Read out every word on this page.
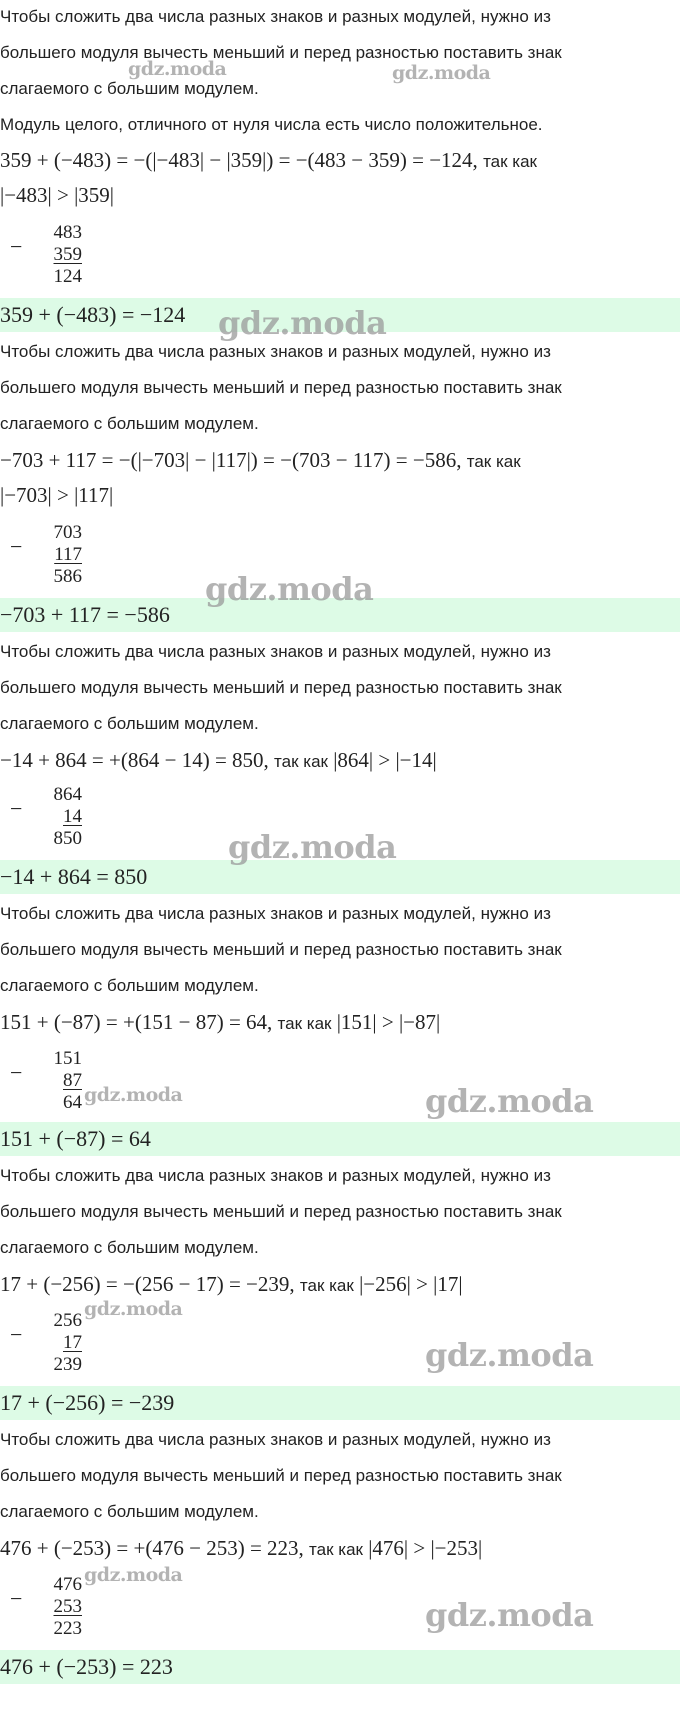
Чтобы сложить два числа разных знаков и разных модулей, нужно из
большего модуля вычесть меньший и перед разностью поставить знак
слагаемого с большим модулем.
Модуль целого, отличного от нуля числа есть число положительное.
359 + (−483) = −(|−483| − |359|) = −(483 − 359) = −124, так как
|−483| > |359|
−
483
359
124
359 + (−483) = −124
Чтобы сложить два числа разных знаков и разных модулей, нужно из
большего модуля вычесть меньший и перед разностью поставить знак
слагаемого с большим модулем.
−703 + 117 = −(|−703| − |117|) = −(703 − 117) = −586, так как
|−703| > |117|
−
703
117
586
−703 + 117 = −586
Чтобы сложить два числа разных знаков и разных модулей, нужно из
большего модуля вычесть меньший и перед разностью поставить знак
слагаемого с большим модулем.
−14 + 864 = +(864 − 14) = 850, так как |864| > |−14|
−
864
14
850
−14 + 864 = 850
Чтобы сложить два числа разных знаков и разных модулей, нужно из
большего модуля вычесть меньший и перед разностью поставить знак
слагаемого с большим модулем.
151 + (−87) = +(151 − 87) = 64, так как |151| > |−87|
−
151
87
64
151 + (−87) = 64
Чтобы сложить два числа разных знаков и разных модулей, нужно из
большего модуля вычесть меньший и перед разностью поставить знак
слагаемого с большим модулем.
17 + (−256) = −(256 − 17) = −239, так как |−256| > |17|
−
256
17
239
17 + (−256) = −239
Чтобы сложить два числа разных знаков и разных модулей, нужно из
большего модуля вычесть меньший и перед разностью поставить знак
слагаемого с большим модулем.
476 + (−253) = +(476 − 253) = 223, так как |476| > |−253|
−
476
253
223
476 + (−253) = 223
gdz.moda	gdz.moda
gdz.moda
gdz.moda
gdz.moda
gdz.moda	gdz.moda
gdz.moda
gdz.moda
gdz.moda
gdz.moda
